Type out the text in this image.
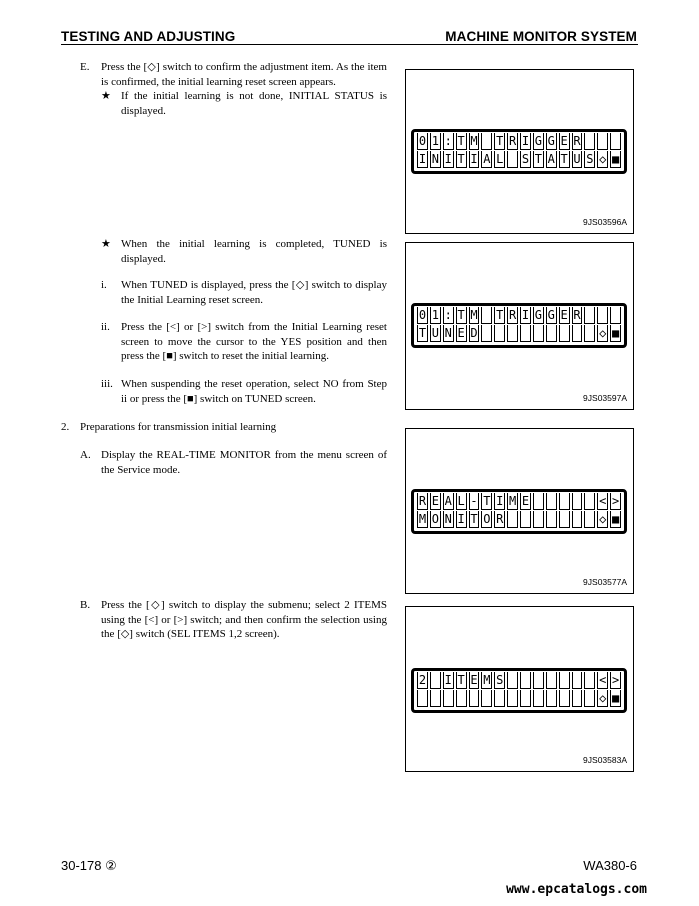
TESTING AND ADJUSTING	MACHINE MONITOR SYSTEM
E. Press the [◇] switch to confirm the adjustment item. As the item is confirmed, the initial learning reset screen appears.
★ If the initial learning is not done, INITIAL STATUS is displayed.
★ When the initial learning is completed, TUNED is displayed.
i. When TUNED is displayed, press the [◇] switch to display the Initial Learning reset screen.
ii. Press the [<] or [>] switch from the Initial Learning reset screen to move the cursor to the YES position and then press the [■] switch to reset the initial learning.
iii. When suspending the reset operation, select NO from Step ii or press the [■] switch on TUNED screen.
2. Preparations for transmission initial learning
A. Display the REAL-TIME MONITOR from the menu screen of the Service mode.
B. Press the [◇] switch to display the submenu; select 2 ITEMS using the [<] or [>] switch; and then confirm the selection using the [◇] switch (SEL ITEMS 1,2 screen).
0 1 : T M T R I G G E R
I N I T I A L S T A T U S ◇ ■
9JS03596A
0 1 : T M T R I G G E R
T U N E D	◇ ■
9JS03597A
R E A L - T I M E	< >
M O N I T O R	◇ ■
9JS03577A
2 I T E M S	< >
◇ ■
9JS03583A
30-178 ②	WA380-6
www.epcatalogs.com
